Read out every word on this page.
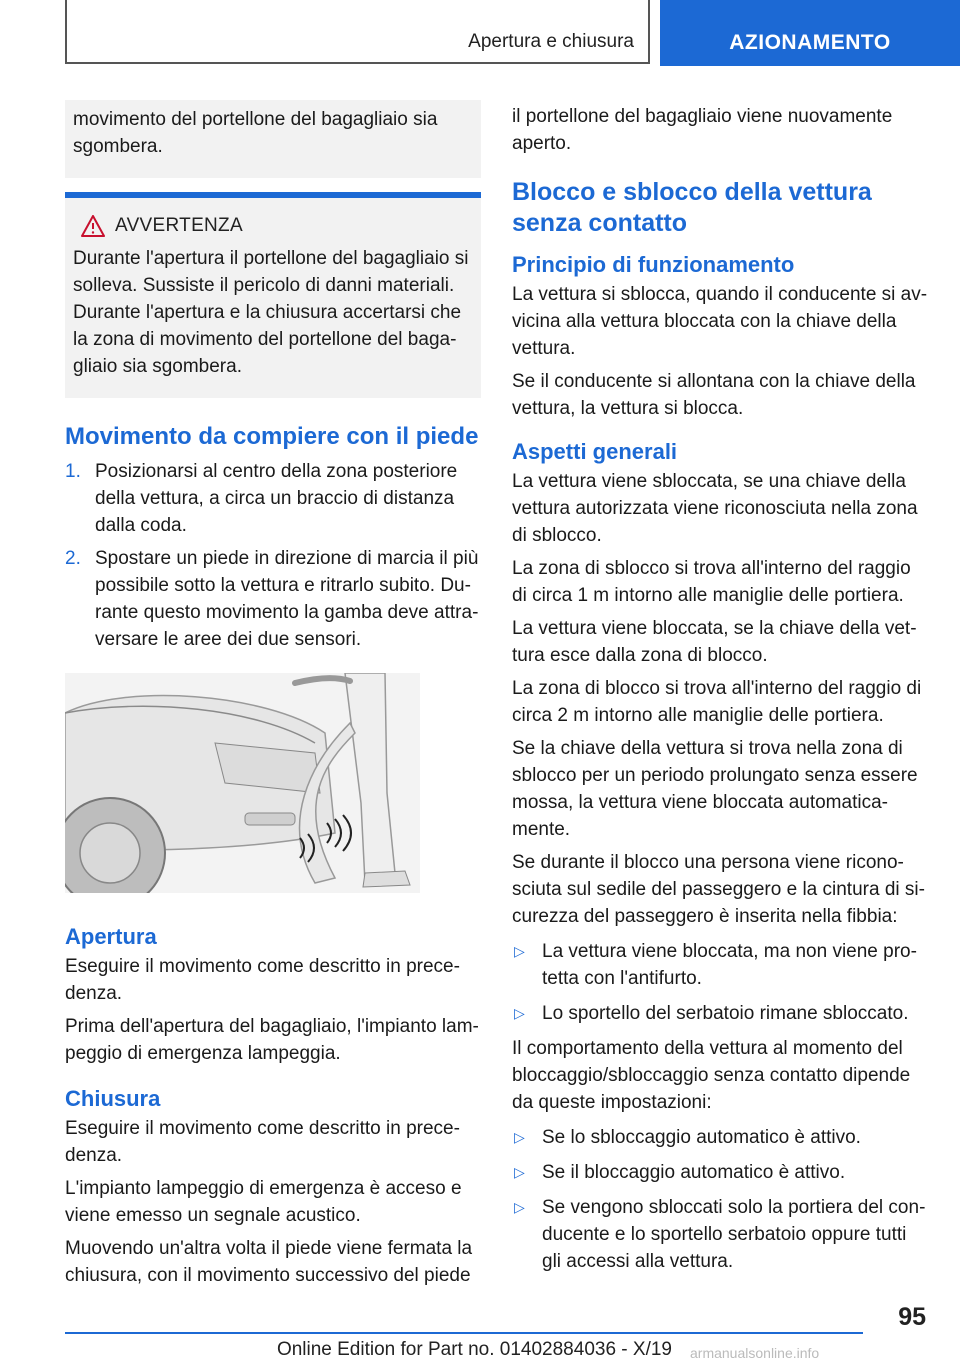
Apertura e chiusura	AZIONAMENTO

movimento del portellone del bagagliaio sia sgombera.

AVVERTENZA

Durante l'apertura il portellone del bagagliaio si solleva. Sussiste il pericolo di danni materiali. Durante l'apertura e la chiusura accertarsi che la zona di movimento del portellone del bagagliaio sia sgombera.

Movimento da compiere con il piede
1. Posizionarsi al centro della zona posteriore della vettura, a circa un braccio di distanza dalla coda.
2. Spostare un piede in direzione di marcia il più possibile sotto la vettura e ritrarlo subito. Durante questo movimento la gamba deve attraversare le aree dei due sensori.
Apertura

Eseguire il movimento come descritto in precedenza.

Prima dell'apertura del bagagliaio, l'impianto lampeggio di emergenza lampeggia.

Chiusura

Eseguire il movimento come descritto in precedenza.

L'impianto lampeggio di emergenza è acceso e viene emesso un segnale acustico.

Muovendo un'altra volta il piede viene fermata la chiusura, con il movimento successivo del piede

il portellone del bagagliaio viene nuovamente aperto.

Blocco e sblocco della vettura senza contatto
Principio di funzionamento

La vettura si sblocca, quando il conducente si avvicina alla vettura bloccata con la chiave della vettura.

Se il conducente si allontana con la chiave della vettura, la vettura si blocca.

Aspetti generali

La vettura viene sbloccata, se una chiave della vettura autorizzata viene riconosciuta nella zona di sblocco.

La zona di sblocco si trova all'interno del raggio di circa 1 m intorno alle maniglie delle portiera.

La vettura viene bloccata, se la chiave della vettura esce dalla zona di blocco.

La zona di blocco si trova all'interno del raggio di circa 2 m intorno alle maniglie delle portiera.

Se la chiave della vettura si trova nella zona di sblocco per un periodo prolungato senza essere mossa, la vettura viene bloccata automaticamente.

Se durante il blocco una persona viene riconosciuta sul sedile del passeggero e la cintura di sicurezza del passeggero è inserita nella fibbia:

▷ La vettura viene bloccata, ma non viene protetta con l'antifurto.
▷ Lo sportello del serbatoio rimane sbloccato.

Il comportamento della vettura al momento del bloccaggio/sbloccaggio senza contatto dipende da queste impostazioni:

▷ Se lo sbloccaggio automatico è attivo.
▷ Se il bloccaggio automatico è attivo.
▷ Se vengono sbloccati solo la portiera del conducente e lo sportello serbatoio oppure tutti gli accessi alla vettura.
95
Online Edition for Part no. 01402884036 - X/19 armanualsonline.info
